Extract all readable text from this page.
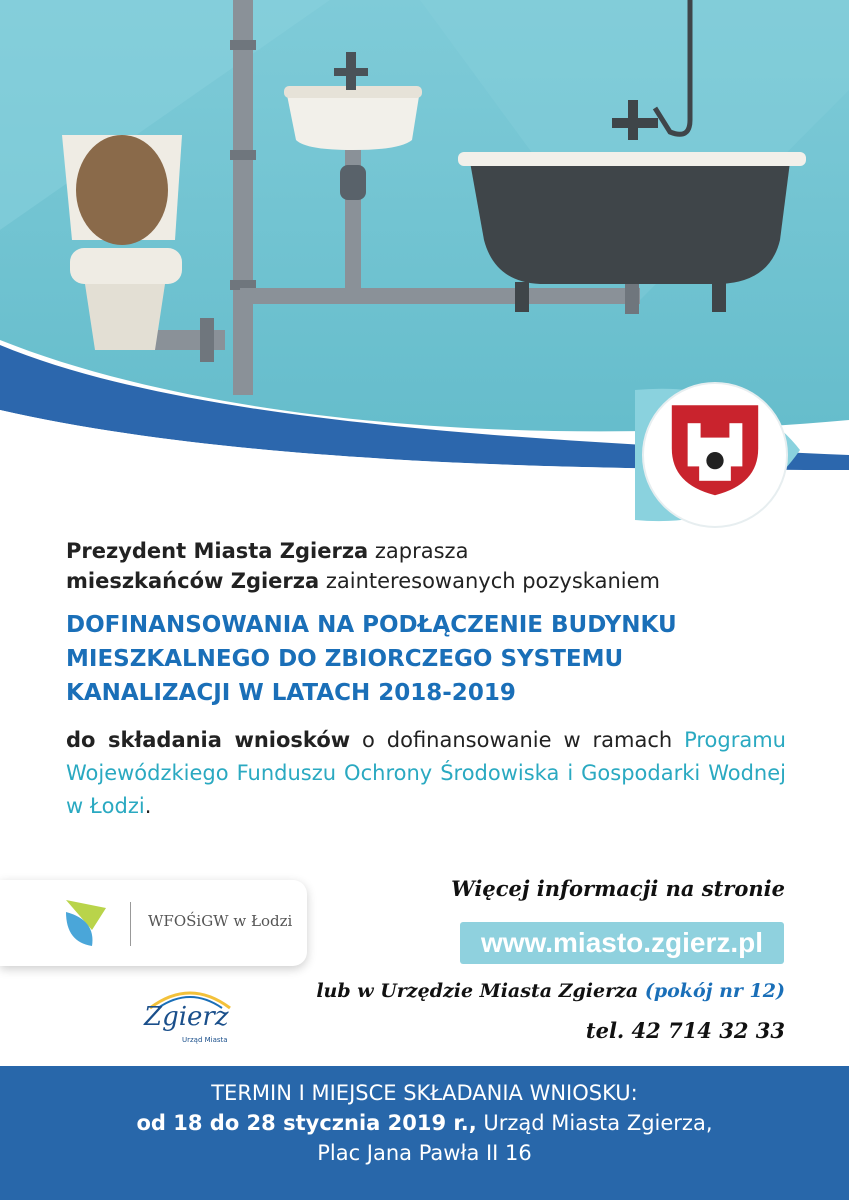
Prezydent Miasta Zgierza zaprasza
mieszkańców Zgierza zainteresowanych pozyskaniem
DOFINANSOWANIA NA PODŁĄCZENIE BUDYNKU MIESZKALNEGO DO ZBIORCZEGO SYSTEMU KANALIZACJI W LATACH 2018-2019
do składania wniosków o dofinansowanie w ramach Programu Wojewódzkiego Funduszu Ochrony Środowiska i Gospodarki Wodnej w Łodzi.
WFOŚiGW w Łodzi
Zgierz
Urząd Miasta
Więcej informacji na stronie
www.miasto.zgierz.pl
lub w Urzędzie Miasta Zgierza (pokój nr 12)
tel. 42 714 32 33
TERMIN I MIEJSCE SKŁADANIA WNIOSKU:
od 18 do 28 stycznia 2019 r., Urząd Miasta Zgierza,
Plac Jana Pawła II 16
